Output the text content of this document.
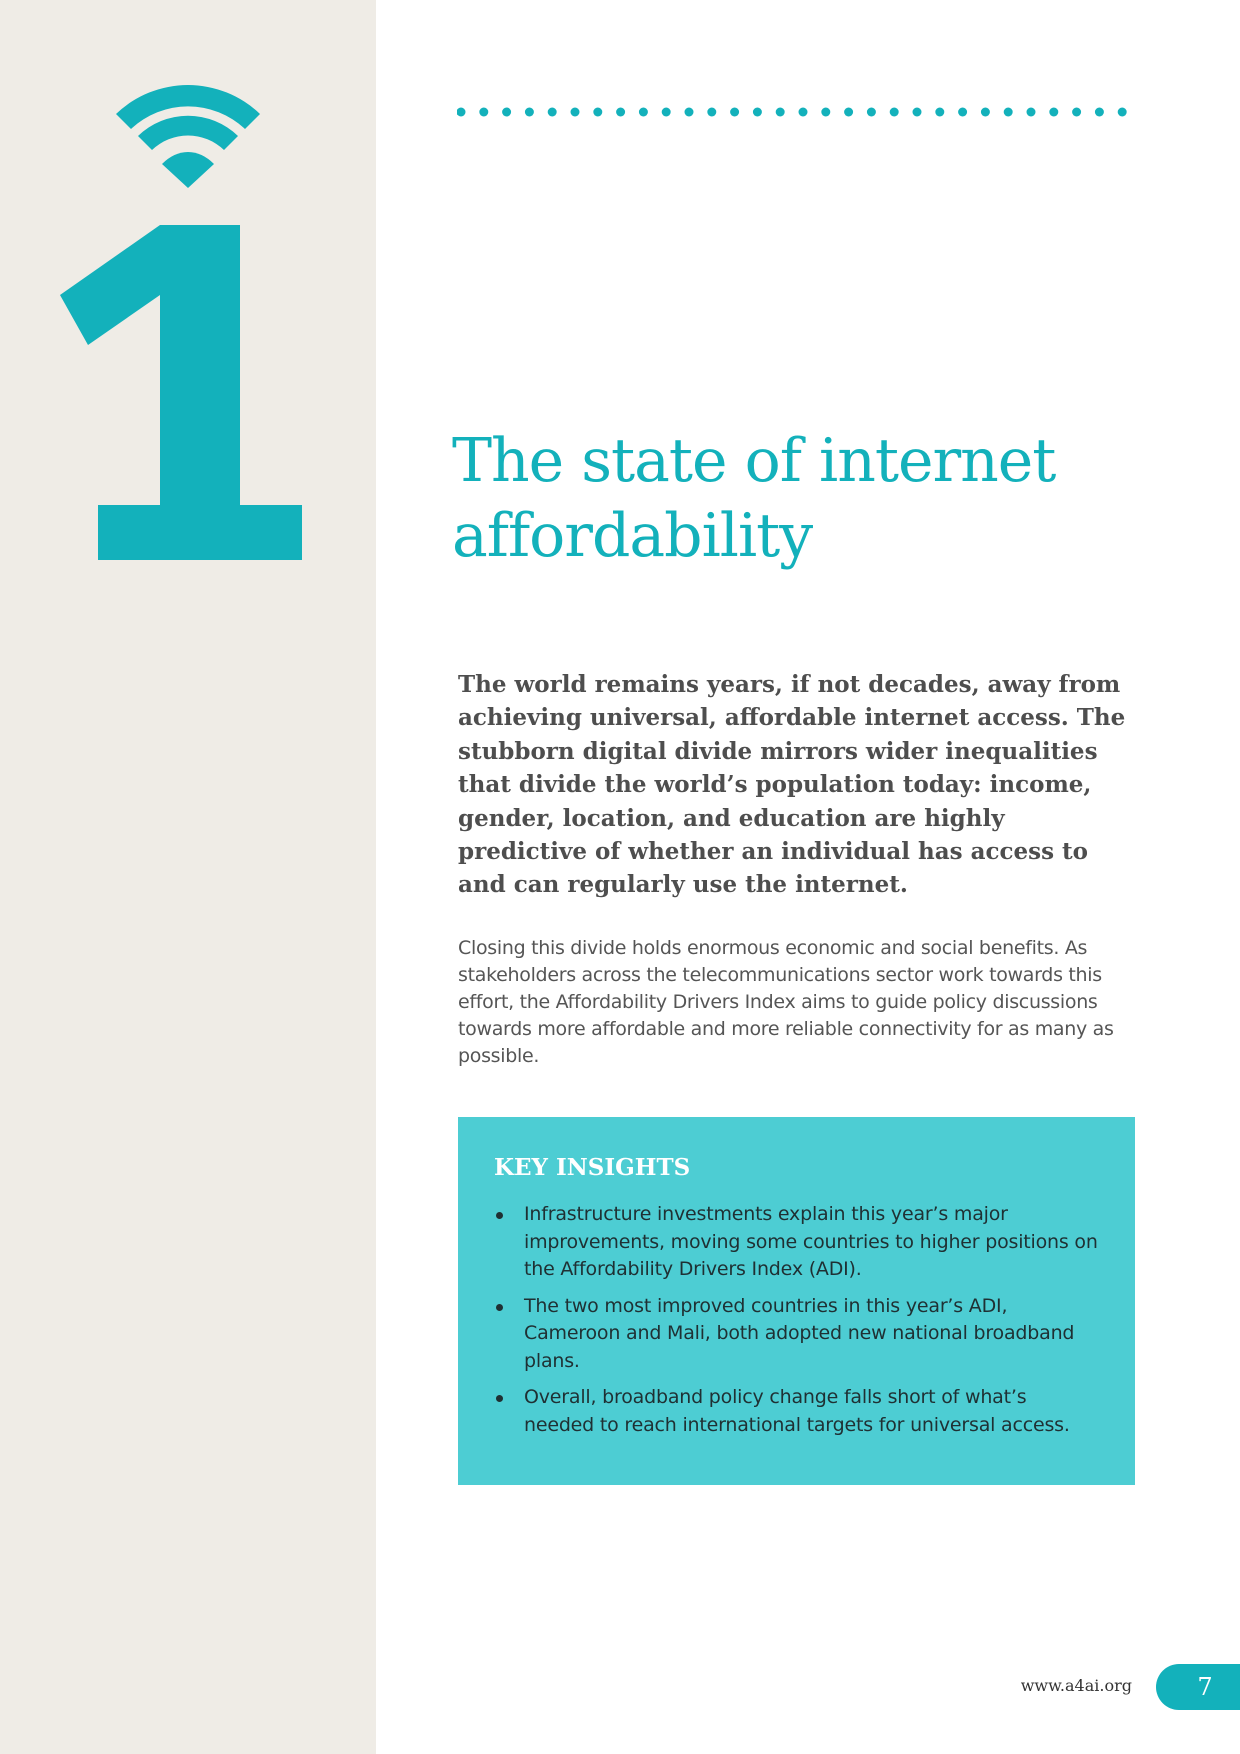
The state of internet
affordability

The world remains years, if not decades, away from achieving universal, affordable internet access. The stubborn digital divide mirrors wider inequalities that divide the world’s population today: income, gender, location, and education are highly predictive of whether an individual has access to and can regularly use the internet.

Closing this divide holds enormous economic and social benefits. As stakeholders across the telecommunications sector work towards this effort, the Affordability Drivers Index aims to guide policy discussions towards more affordable and more reliable connectivity for as many as possible.

KEY INSIGHTS
Infrastructure investments explain this year’s major improvements, moving some countries to higher positions on the Affordability Drivers Index (ADI).
The two most improved countries in this year’s ADI, Cameroon and Mali, both adopted new national broadband plans.
Overall, broadband policy change falls short of what’s needed to reach international targets for universal access.
www.a4ai.org	7
